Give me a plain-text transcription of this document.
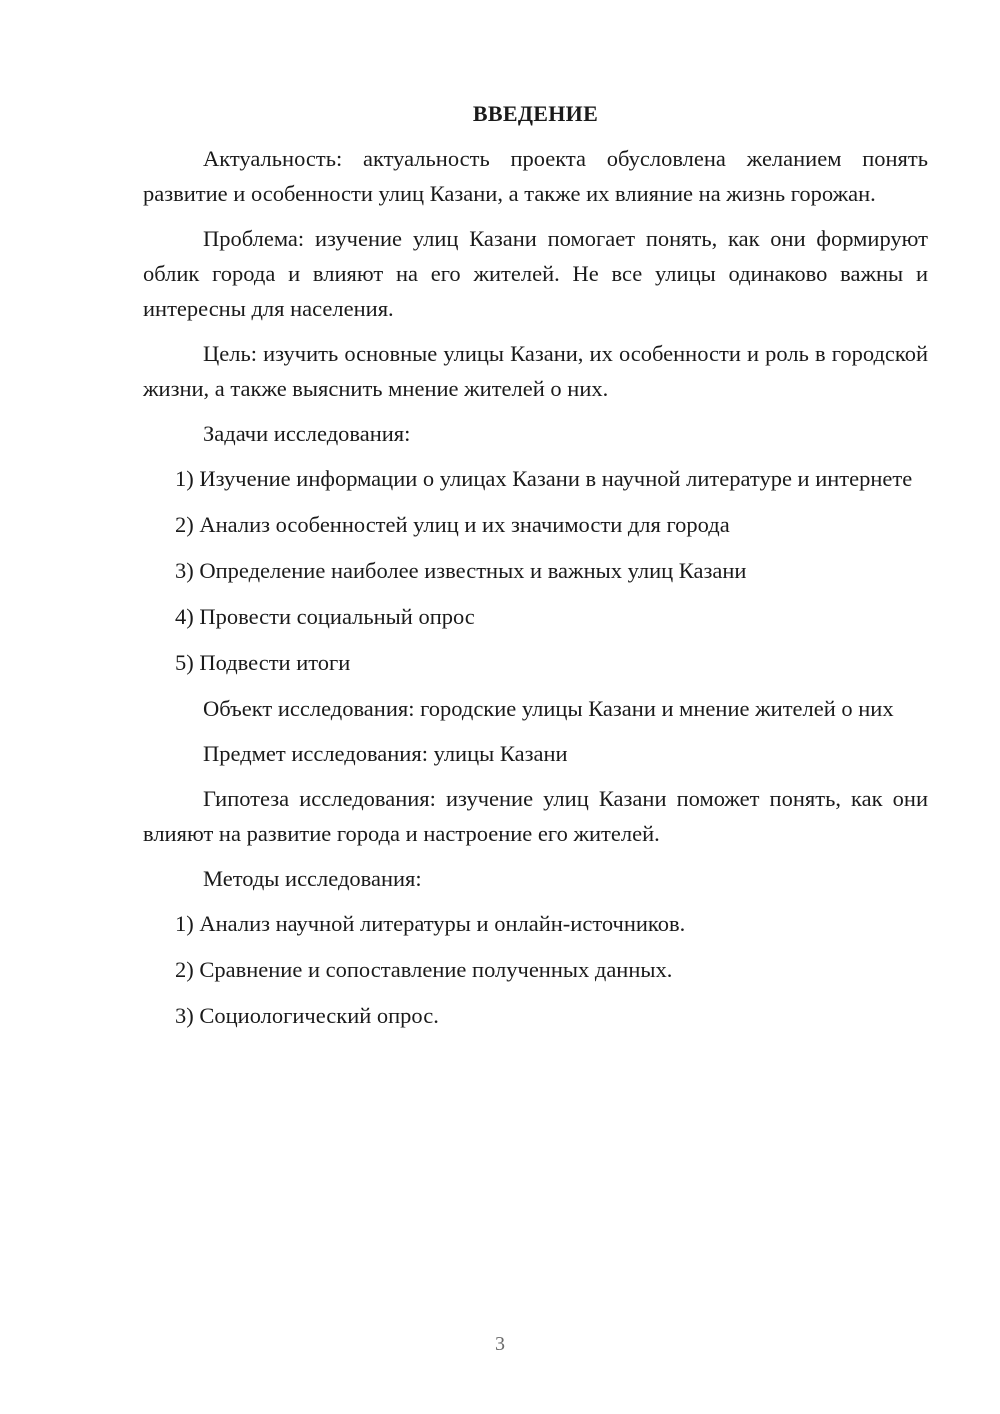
ВВЕДЕНИЕ

Актуальность: актуальность проекта обусловлена желанием понять развитие и особенности улиц Казани, а также их влияние на жизнь горожан.

Проблема: изучение улиц Казани помогает понять, как они формируют облик города и влияют на его жителей. Не все улицы одинаково важны и интересны для населения.

Цель: изучить основные улицы Казани, их особенности и роль в городской жизни, а также выяснить мнение жителей о них.

Задачи исследования:

1) Изучение информации о улицах Казани в научной литературе и интернете

2) Анализ особенностей улиц и их значимости для города

3) Определение наиболее известных и важных улиц Казани

4) Провести социальный опрос

5) Подвести итоги

Объект исследования: городские улицы Казани и мнение жителей о них

Предмет исследования: улицы Казани

Гипотеза исследования: изучение улиц Казани поможет понять, как они влияют на развитие города и настроение его жителей.

Методы исследования:

1) Анализ научной литературы и онлайн-источников.

2) Сравнение и сопоставление полученных данных.

3) Социологический опрос.

3
